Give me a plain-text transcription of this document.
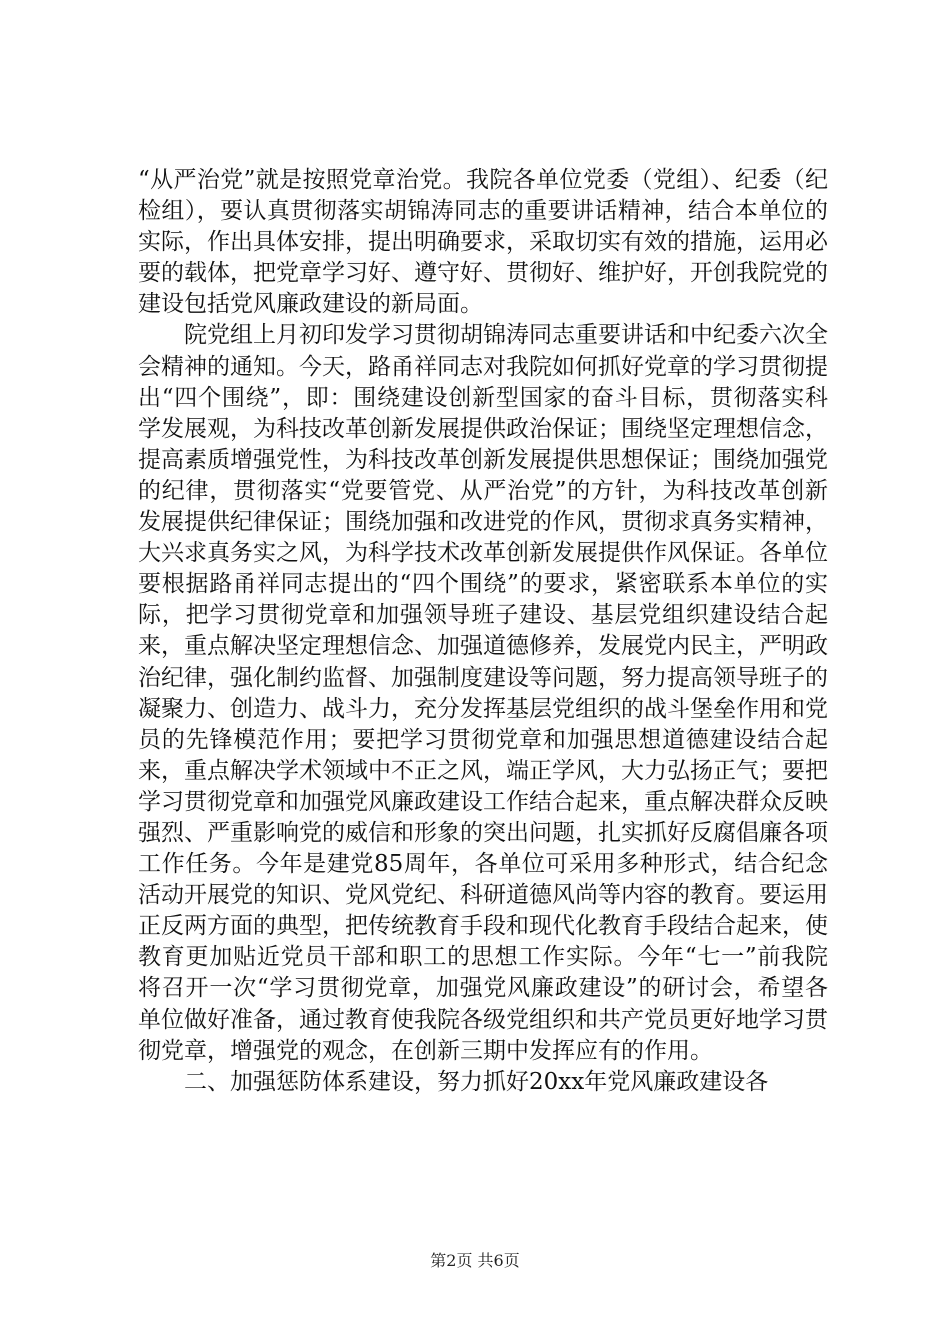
“从严治党”就是按照党章治党。我院各单位党委（党组）、纪委（纪检组），要认真贯彻落实胡锦涛同志的重要讲话精神，结合本单位的实际，作出具体安排，提出明确要求，采取切实有效的措施，运用必要的载体，把党章学习好、遵守好、贯彻好、维护好，开创我院党的建设包括党风廉政建设的新局面。

院党组上月初印发学习贯彻胡锦涛同志重要讲话和中纪委六次全会精神的通知。今天，路甬祥同志对我院如何抓好党章的学习贯彻提出“四个围绕”，即：围绕建设创新型国家的奋斗目标，贯彻落实科学发展观，为科技改革创新发展提供政治保证；围绕坚定理想信念，提高素质增强党性，为科技改革创新发展提供思想保证；围绕加强党的纪律，贯彻落实“党要管党、从严治党”的方针，为科技改革创新发展提供纪律保证；围绕加强和改进党的作风，贯彻求真务实精神，大兴求真务实之风，为科学技术改革创新发展提供作风保证。各单位要根据路甬祥同志提出的“四个围绕”的要求，紧密联系本单位的实际，把学习贯彻党章和加强领导班子建设、基层党组织建设结合起来，重点解决坚定理想信念、加强道德修养，发展党内民主，严明政治纪律，强化制约监督、加强制度建设等问题，努力提高领导班子的凝聚力、创造力、战斗力，充分发挥基层党组织的战斗堡垒作用和党员的先锋模范作用；要把学习贯彻党章和加强思想道德建设结合起来，重点解决学术领域中不正之风，端正学风，大力弘扬正气；要把学习贯彻党章和加强党风廉政建设工作结合起来，重点解决群众反映强烈、严重影响党的威信和形象的突出问题，扎实抓好反腐倡廉各项工作任务。今年是建党85周年，各单位可采用多种形式，结合纪念活动开展党的知识、党风党纪、科研道德风尚等内容的教育。要运用正反两方面的典型，把传统教育手段和现代化教育手段结合起来，使教育更加贴近党员干部和职工的思想工作实际。今年“七一”前我院将召开一次“学习贯彻党章，加强党风廉政建设”的研讨会，希望各单位做好准备，通过教育使我院各级党组织和共产党员更好地学习贯彻党章，增强党的观念，在创新三期中发挥应有的作用。

二、加强惩防体系建设，努力抓好20xx年党风廉政建设各

第2页 共6页
